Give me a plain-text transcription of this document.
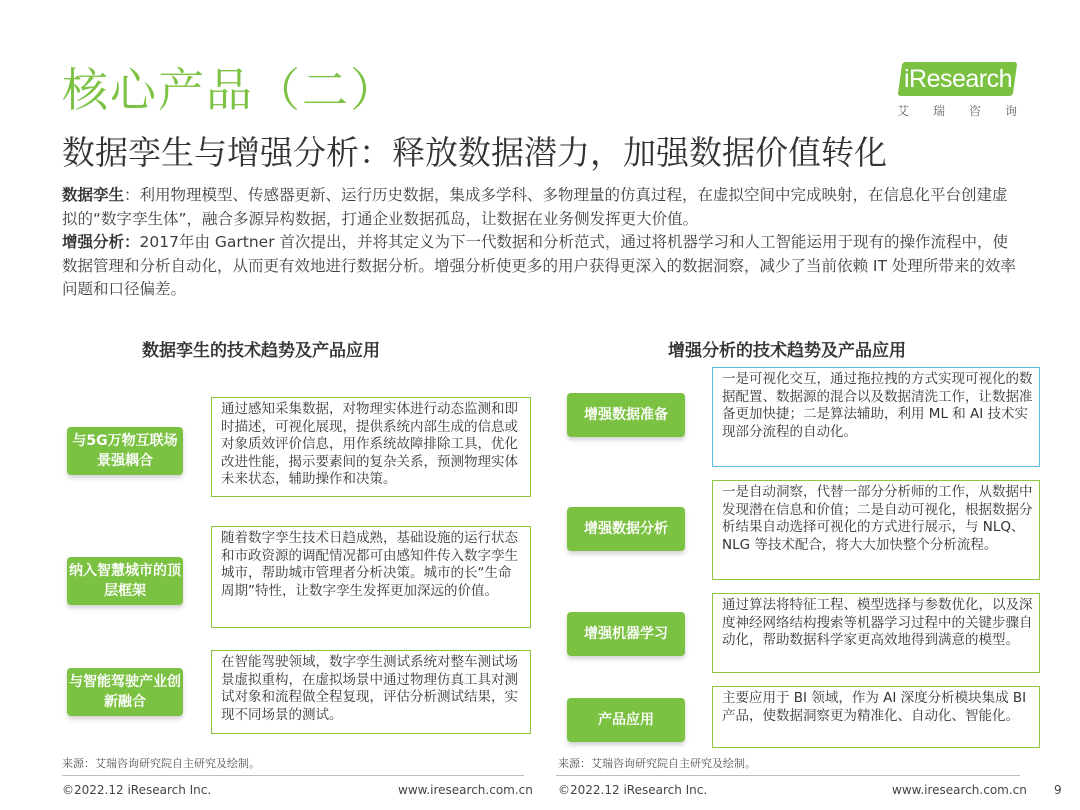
核心产品（二）	iResearch
艾 瑞 咨 询
数据孪生与增强分析：释放数据潜力，加强数据价值转化

数据孪生：利用物理模型、传感器更新、运行历史数据，集成多学科、多物理量的仿真过程，在虚拟空间中完成映射，在信息化平台创建虚拟的“数字孪生体”，融合多源异构数据，打通企业数据孤岛，让数据在业务侧发挥更大价值。

增强分析：2017年由 Gartner 首次提出，并将其定义为下一代数据和分析范式，通过将机器学习和人工智能运用于现有的操作流程中，使数据管理和分析自动化，从而更有效地进行数据分析。增强分析使更多的用户获得更深入的数据洞察，减少了当前依赖 IT 处理所带来的效率问题和口径偏差。

数据孪生的技术趋势及产品应用
与5G万物互联场景强耦合
通过感知采集数据，对物理实体进行动态监测和即时描述，可视化展现，提供系统内部生成的信息或对象质效评价信息，用作系统故障排除工具，优化改进性能，揭示要素间的复杂关系，预测物理实体未来状态，辅助操作和决策。
纳入智慧城市的顶层框架
随着数字孪生技术日趋成熟，基础设施的运行状态和市政资源的调配情况都可由感知件传入数字孪生城市，帮助城市管理者分析决策。城市的长“生命周期”特性，让数字孪生发挥更加深远的价值。
与智能驾驶产业创新融合
在智能驾驶领域，数字孪生测试系统对整车测试场景虚拟重构，在虚拟场景中通过物理仿真工具对测试对象和流程做全程复现，评估分析测试结果，实现不同场景的测试。
来源：艾瑞咨询研究院自主研究及绘制。
增强分析的技术趋势及产品应用
增强数据准备
一是可视化交互，通过拖拉拽的方式实现可视化的数据配置、数据源的混合以及数据清洗工作，让数据准备更加快捷；二是算法辅助，利用 ML 和 AI 技术实现部分流程的自动化。
增强数据分析
一是自动洞察，代替一部分分析师的工作，从数据中发现潜在信息和价值；二是自动可视化，根据数据分析结果自动选择可视化的方式进行展示，与 NLQ、NLG 等技术配合，将大大加快整个分析流程。
增强机器学习
通过算法将特征工程、模型选择与参数优化，以及深度神经网络结构搜索等机器学习过程中的关键步骤自动化，帮助数据科学家更高效地得到满意的模型。
产品应用
主要应用于 BI 领域，作为 AI 深度分析模块集成 BI 产品，使数据洞察更为精准化、自动化、智能化。
来源：艾瑞咨询研究院自主研究及绘制。
©2022.12 iResearch Inc.	www.iresearch.com.cn ©2022.12 iResearch Inc.	www.iresearch.com.cn 9
